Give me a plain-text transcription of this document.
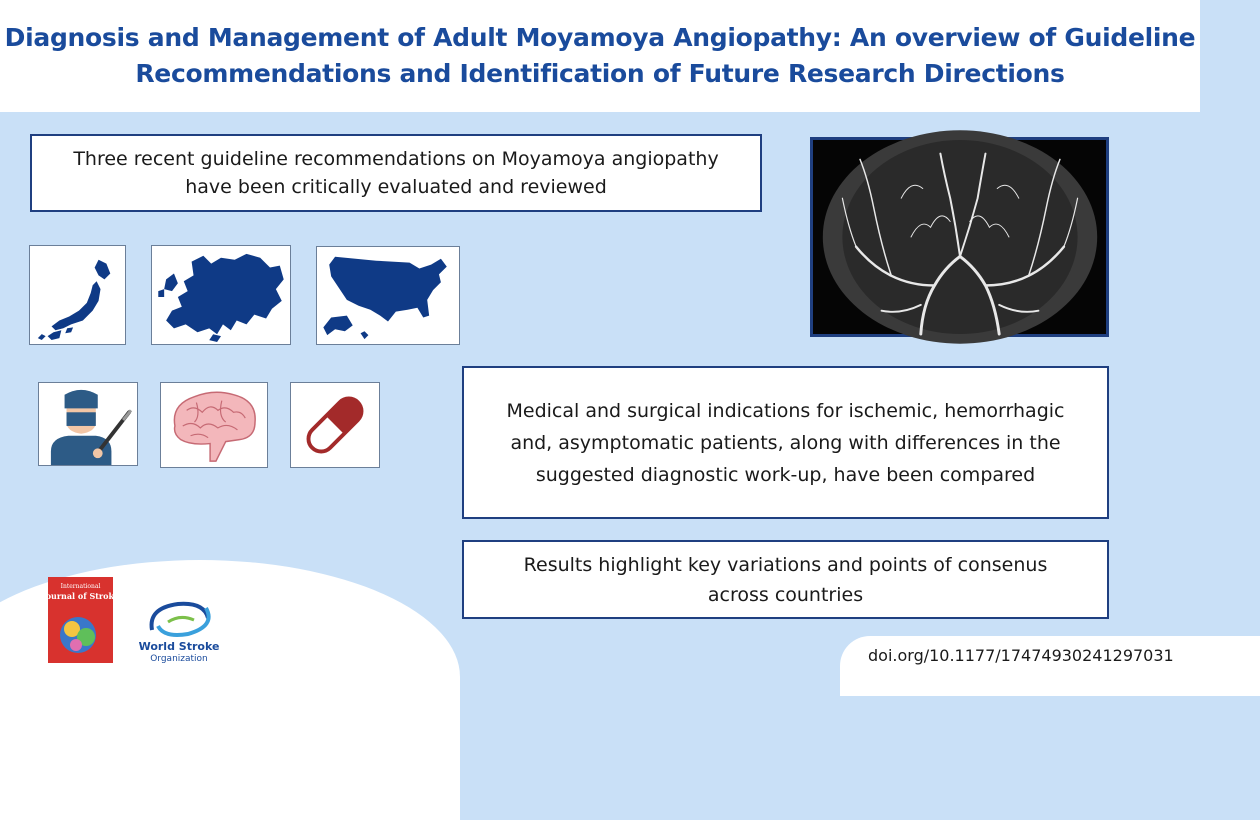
Diagnosis and Management of Adult Moyamoya Angiopathy: An overview of Guideline
Recommendations and Identification of Future Research Directions
Three recent guideline recommendations on Moyamoya angiopathy
have been critically evaluated and reviewed
Medical and surgical indications for ischemic, hemorrhagic
and, asymptomatic patients, along with differences in the
suggested diagnostic work-up, have been compared
Results highlight key variations and points of consenus
across countries
International
Journal of Stroke
World Stroke
Organization	doi.org/10.1177/17474930241297031
